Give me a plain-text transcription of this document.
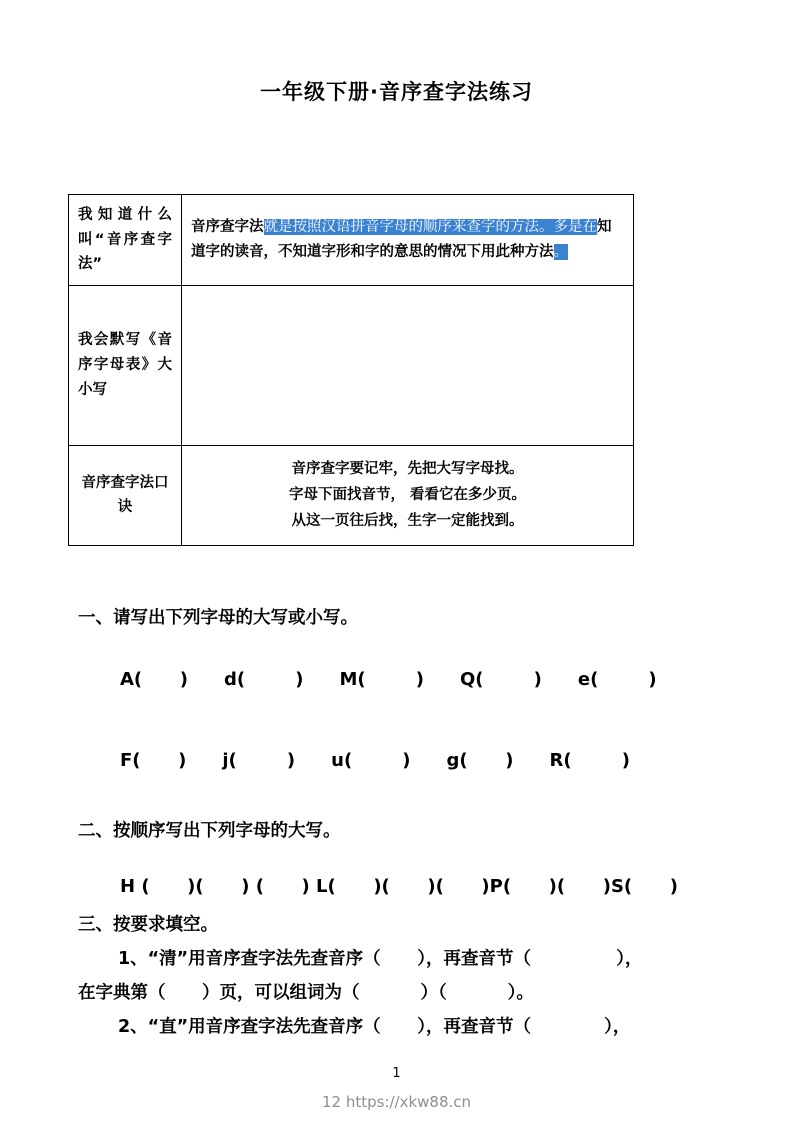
一年级下册·音序查字法练习
我知道什么叫“音序查字法”	音序查字法就是按照汉语拼音字母的顺序来查字的方法。多是在知道字的读音，不知道字形和字的意思的情况下用此种方法。
我会默写《音序字母表》大小写	
音序查字法口诀	音序查字要记牢，先把大写字母找。
字母下面找音节， 看看它在多少页。
从这一页往后找，生字一定能找到。
一、请写出下列字母的大写或小写。
A(      ) d(        ) M(        ) Q(        ) e(        )
F(      ) j(        ) u(        ) g(      ) R(        )
二、按顺序写出下列字母的大写。
H (      )(      ) (      ) L(      )(      )(      )P(      )(      )S(      )
三、按要求填空。
1、“清”用音序查字法先查音序（      ），再查音节（              ），
在字典第（      ）页，可以组词为（          ）（          ）。
2、“直”用音序查字法先查音序（      ），再查音节（            ），
1
12 https://xkw88.cn
